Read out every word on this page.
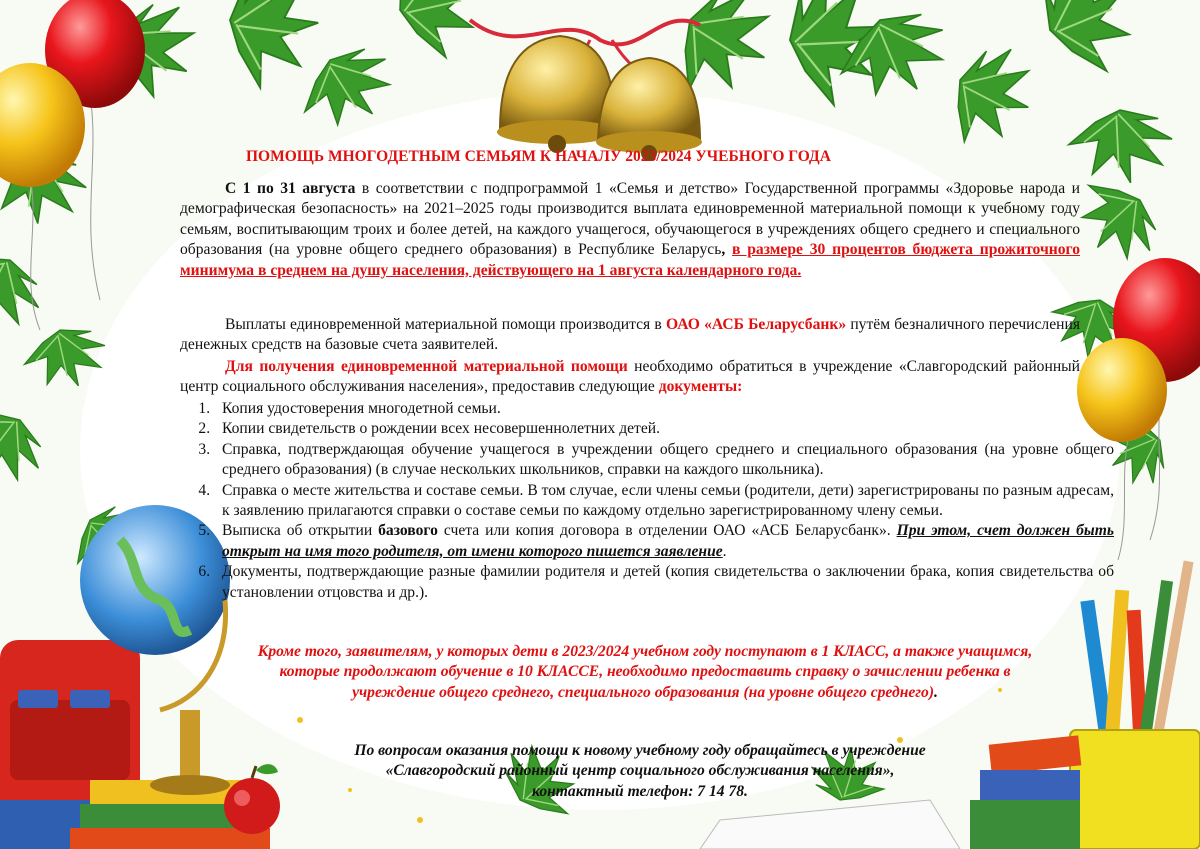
ПОМОЩЬ МНОГОДЕТНЫМ СЕМЬЯМ К НАЧАЛУ 2023/2024 УЧЕБНОГО ГОДА

С 1 по 31 августа в соответствии с подпрограммой 1 «Семья и детство» Государственной программы «Здоровье народа и демографическая безопасность» на 2021–2025 годы производится выплата единовременной материальной помощи к учебному году семьям, воспитывающим троих и более детей, на каждого учащегося, обучающегося в учреждениях общего среднего и специального образования (на уровне общего среднего образования) в Республике Беларусь, в размере 30 процентов бюджета прожиточного минимума в среднем на душу населения, действующего на 1 августа календарного года.

Выплаты единовременной материальной помощи производится в ОАО «АСБ Беларусбанк» путём безналичного перечисления денежных средств на базовые счета заявителей.

Для получения единовременной материальной помощи необходимо обратиться в учреждение «Славгородский районный центр социального обслуживания населения», предоставив следующие документы:

1. Копия удостоверения многодетной семьи.
2. Копии свидетельств о рождении всех несовершеннолетних детей.
3. Справка, подтверждающая обучение учащегося в учреждении общего среднего и специального образования (на уровне общего среднего образования) (в случае нескольких школьников, справки на каждого школьника).
4. Справка о месте жительства и составе семьи. В том случае, если члены семьи (родители, дети) зарегистрированы по разным адресам, к заявлению прилагаются справки о составе семьи по каждому отдельно зарегистрированному члену семьи.
5. Выписка об открытии базового счета или копия договора в отделении ОАО «АСБ Беларусбанк». При этом, счет должен быть открыт на имя того родителя, от имени которого пишется заявление.
6. Документы, подтверждающие разные фамилии родителя и детей (копия свидетельства о заключении брака, копия свидетельства об установлении отцовства и др.).

Кроме того, заявителям, у которых дети в 2023/2024 учебном году поступают в 1 КЛАСС, а также учащимся, которые продолжают обучение в 10 КЛАССЕ, необходимо предоставить справку о зачислении ребенка в учреждение общего среднего, специального образования (на уровне общего среднего).

По вопросам оказания помощи к новому учебному году обращайтесь в учреждение
«Славгородский районный центр социального обслуживания населения»,
контактный телефон: 7 14 78.
